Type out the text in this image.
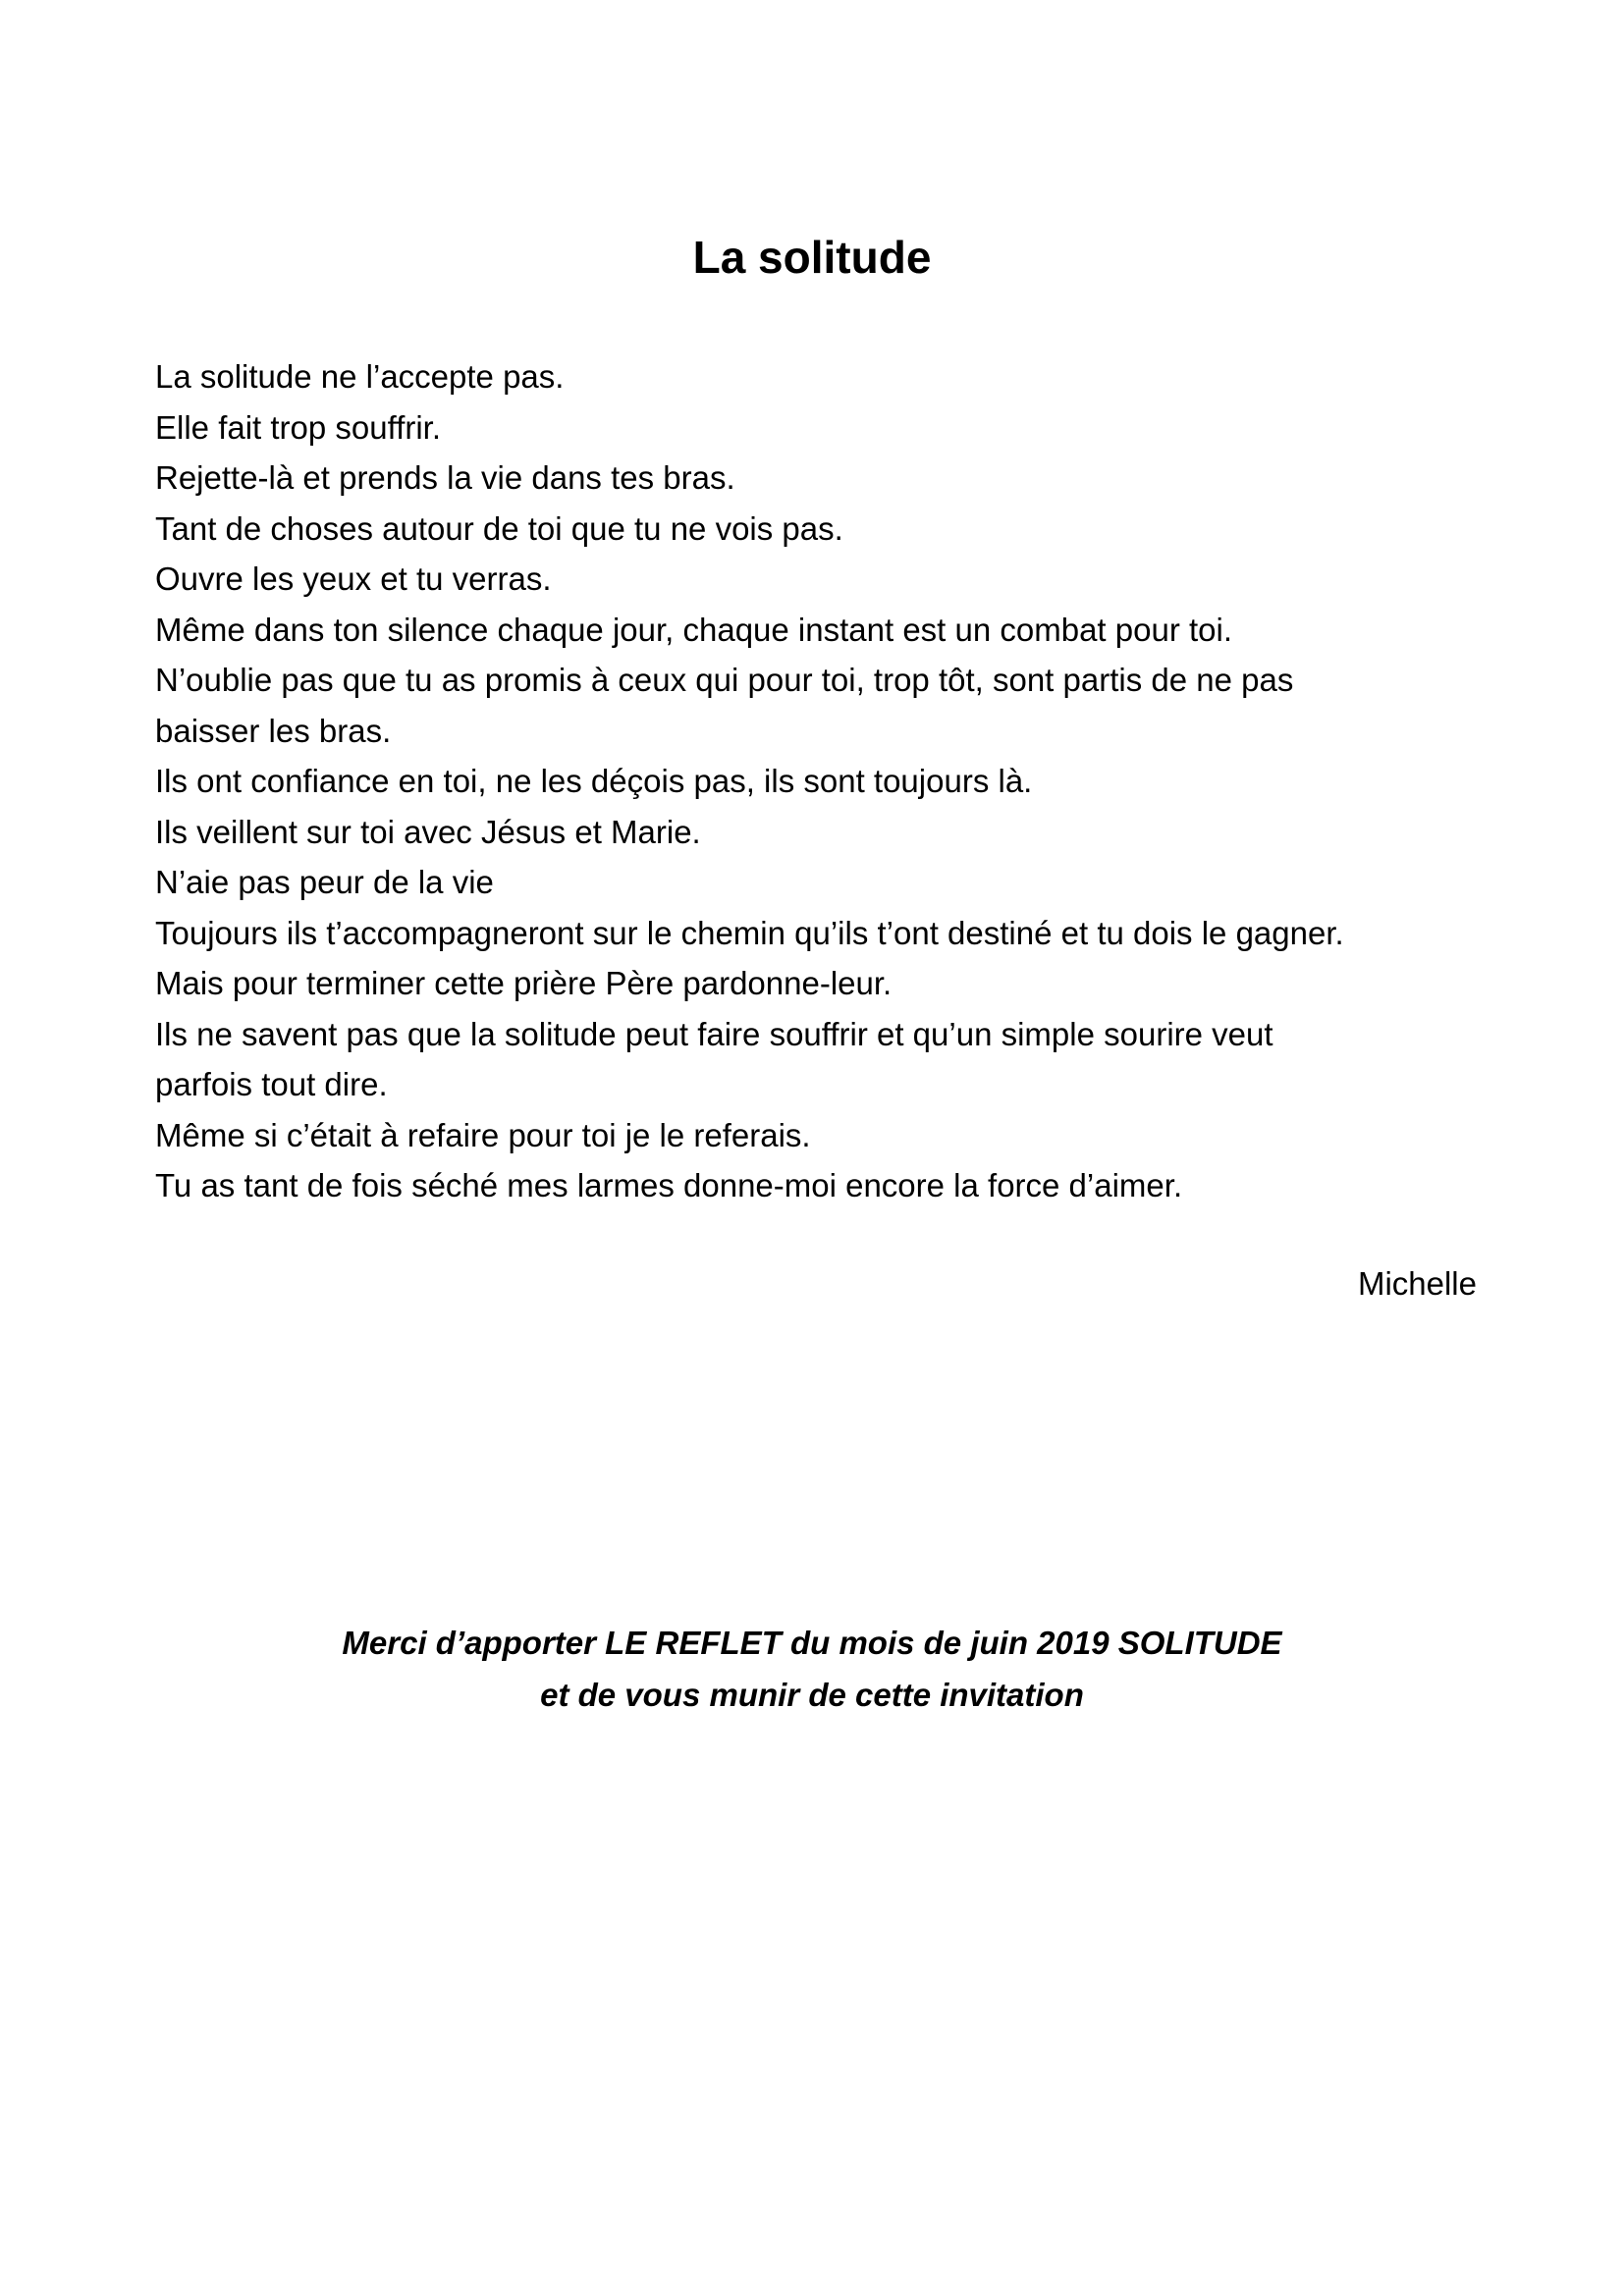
La solitude
La solitude ne l’accepte pas.
Elle fait trop souffrir.
Rejette-là et prends la vie dans tes bras.
Tant de choses autour de toi que tu ne vois pas.
Ouvre les yeux et tu verras.
Même dans ton silence chaque jour, chaque instant est un combat pour toi.
N’oublie pas que tu as promis à ceux qui pour toi, trop tôt, sont partis de ne pas
baisser les bras.
Ils ont confiance en toi, ne les déçois pas, ils sont toujours là.
Ils veillent sur toi avec Jésus et Marie.
N’aie pas peur de la vie
Toujours ils t’accompagneront sur le chemin qu’ils t’ont destiné et tu dois le gagner.
Mais pour terminer cette prière Père pardonne-leur.
Ils ne savent pas que la solitude peut faire souffrir et qu’un simple sourire veut
parfois tout dire.
Même si c’était à refaire pour toi je le referais.
Tu as tant de fois séché mes larmes donne-moi encore la force d’aimer.

Michelle

Merci d’apporter LE REFLET du mois de juin 2019 SOLITUDE

et de vous munir de cette invitation
